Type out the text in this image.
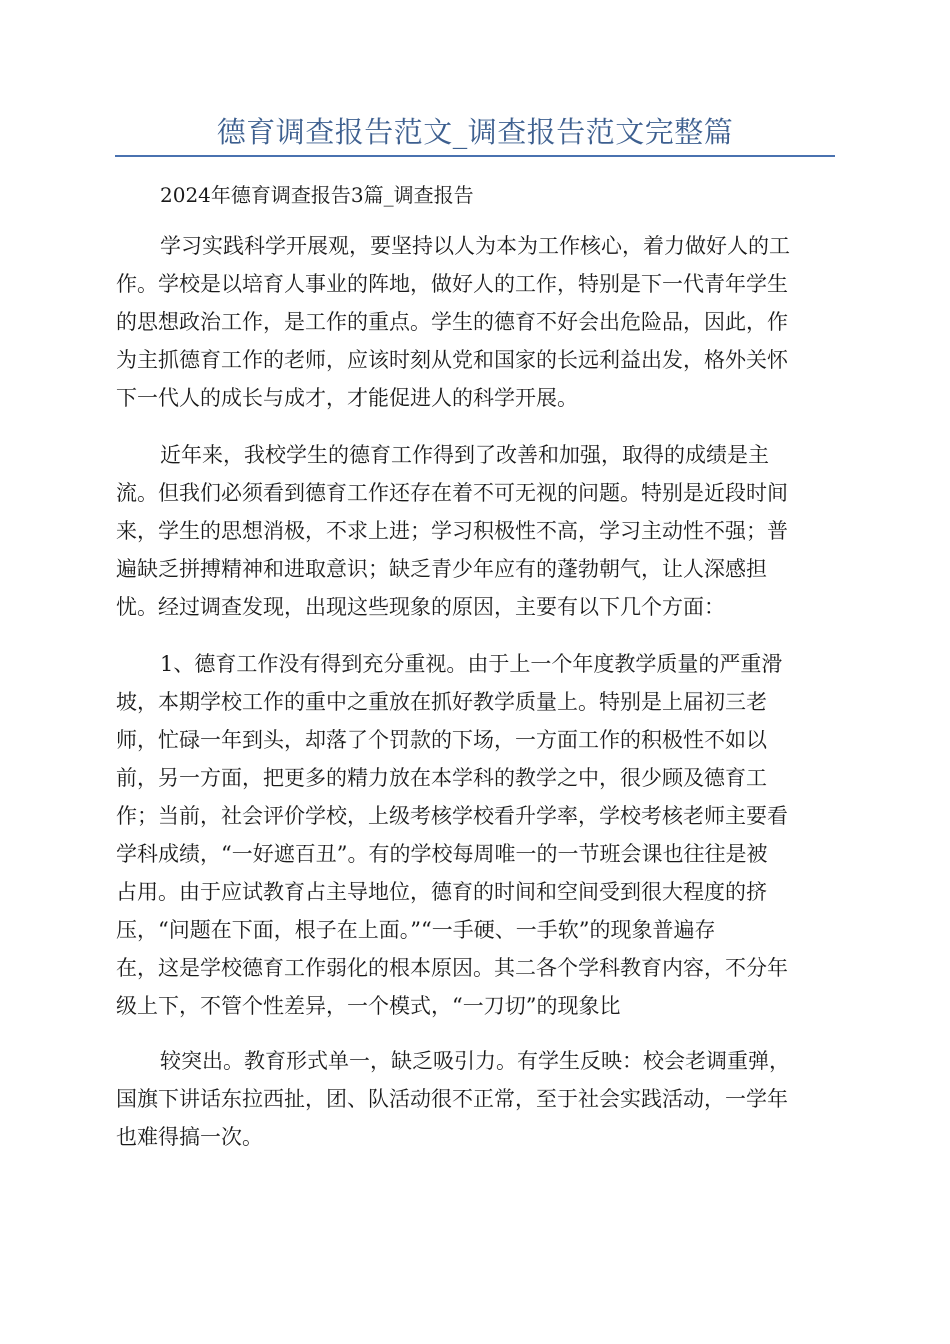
德育调查报告范文_调查报告范文完整篇
2024年德育调查报告3篇_调查报告
学习实践科学开展观，要坚持以人为本为工作核心，着力做好人的工
作。学校是以培育人事业的阵地，做好人的工作，特别是下一代青年学生
的思想政治工作，是工作的重点。学生的德育不好会出危险品，因此，作
为主抓德育工作的老师，应该时刻从党和国家的长远利益出发，格外关怀
下一代人的成长与成才，才能促进人的科学开展。
近年来，我校学生的德育工作得到了改善和加强，取得的成绩是主
流。但我们必须看到德育工作还存在着不可无视的问题。特别是近段时间
来，学生的思想消极，不求上进；学习积极性不高，学习主动性不强；普
遍缺乏拼搏精神和进取意识；缺乏青少年应有的蓬勃朝气，让人深感担
忧。经过调查发现，出现这些现象的原因，主要有以下几个方面：
1、德育工作没有得到充分重视。由于上一个年度教学质量的严重滑
坡，本期学校工作的重中之重放在抓好教学质量上。特别是上届初三老
师，忙碌一年到头，却落了个罚款的下场，一方面工作的积极性不如以
前，另一方面，把更多的精力放在本学科的教学之中，很少顾及德育工
作；当前，社会评价学校，上级考核学校看升学率，学校考核老师主要看
学科成绩，“一好遮百丑”。有的学校每周唯一的一节班会课也往往是被
占用。由于应试教育占主导地位，德育的时间和空间受到很大程度的挤
压，“问题在下面，根子在上面。”“一手硬、一手软”的现象普遍存
在，这是学校德育工作弱化的根本原因。其二各个学科教育内容，不分年
级上下，不管个性差异，一个模式，“一刀切”的现象比
较突出。教育形式单一，缺乏吸引力。有学生反映：校会老调重弹，
国旗下讲话东拉西扯，团、队活动很不正常，至于社会实践活动，一学年
也难得搞一次。
